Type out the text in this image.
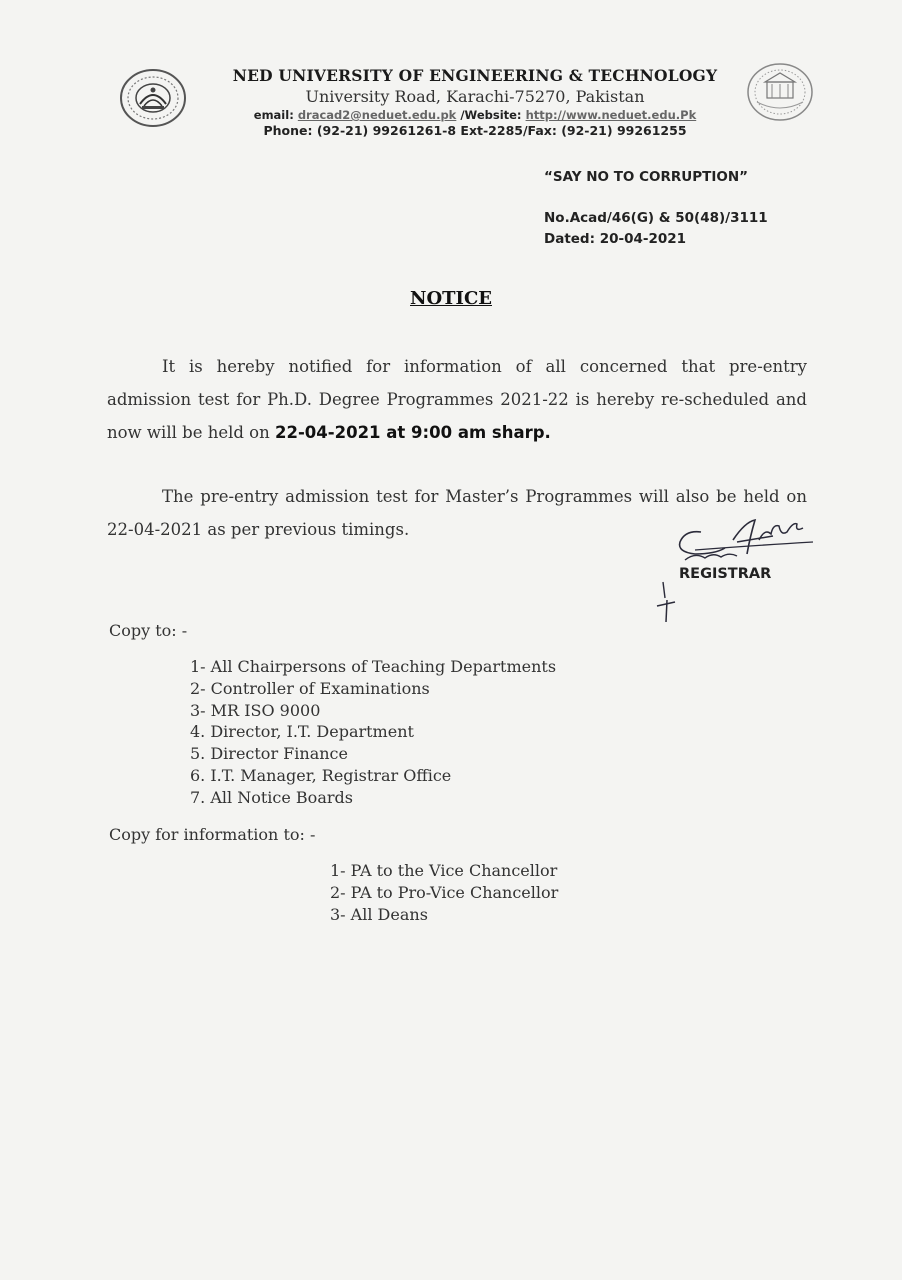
NED UNIVERSITY OF ENGINEERING & TECHNOLOGY
University Road, Karachi-75270, Pakistan
email: dracad2@neduet.edu.pk /Website: http://www.neduet.edu.Pk
Phone: (92-21) 99261261-8 Ext-2285/Fax: (92-21) 99261255
“SAY NO TO CORRUPTION”
No.Acad/46(G) & 50(48)/3111
Dated: 20-04-2021
NOTICE
It is hereby notified for information of all concerned that pre-entry admission test for Ph.D. Degree Programmes 2021-22 is hereby re-scheduled and now will be held on 22-04-2021 at 9:00 am sharp.
The pre-entry admission test for Master’s Programmes will also be held on 22-04-2021 as per previous timings.
REGISTRAR
Copy to: -
1- All Chairpersons of Teaching Departments
2- Controller of Examinations
3- MR ISO 9000
4. Director, I.T. Department
5. Director Finance
6. I.T. Manager, Registrar Office
7. All Notice Boards
Copy for information to: -
1- PA to the Vice Chancellor
2- PA to Pro-Vice Chancellor
3- All Deans
